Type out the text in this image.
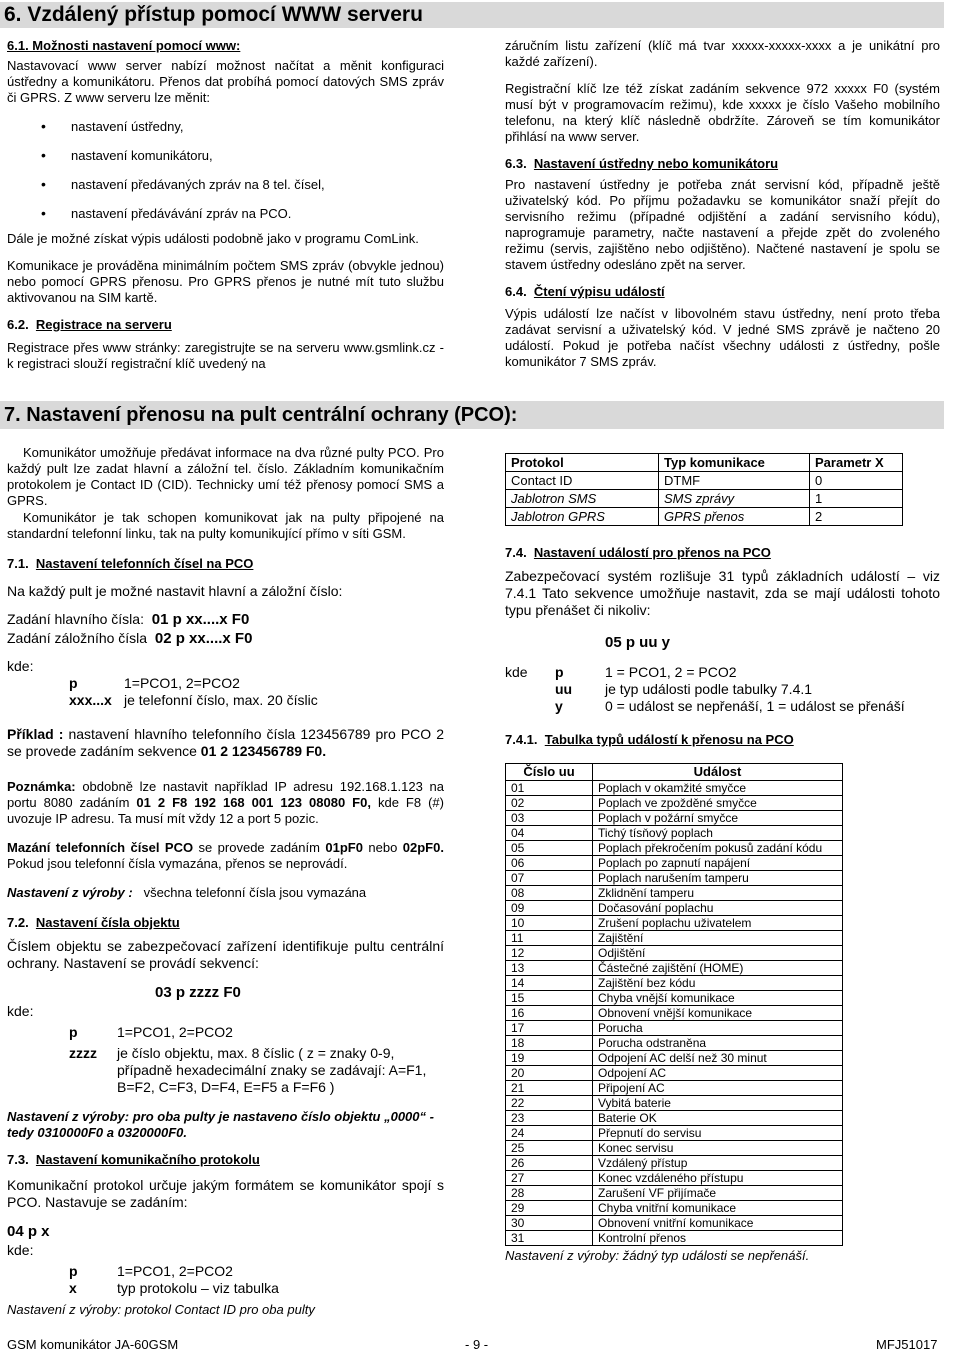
6. Vzdálený přístup pomocí WWW serveru
6.1. Možnosti nastavení pomocí www:

Nastavovací www server nabízí možnost načítat a měnit konfiguraci ústředny a komunikátoru. Přenos dat probíhá pomocí datových SMS zpráv či GPRS. Z www serveru lze měnit:

• nastavení ústředny,
• nastavení komunikátoru,
• nastavení předávaných zpráv na 8 tel. čísel,
• nastavení předávávání zpráv na PCO.

Dále je možné získat výpis události podobně jako v programu ComLink.

Komunikace je prováděna minimálním počtem SMS zpráv (obvykle jednou) nebo pomocí GPRS přenosu. Pro GPRS přenos je nutné mít tuto službu aktivovanou na SIM kartě.

6.2. Registrace na serveru

Registrace přes www stránky: zaregistrujte se na serveru www.gsmlink.cz - k registraci slouží registrační klíč uvedený na

záručním listu zařízení (klíč má tvar xxxxx-xxxxx-xxxx a je unikátní pro každé zařízení).

Registrační klíč lze též získat zadáním sekvence 972 xxxxx F0 (systém musí být v programovacím režimu), kde xxxxx je číslo Vašeho mobilního telefonu, na který klíč následně obdržíte. Zároveň se tím komunikátor přihlásí na www server.

6.3. Nastavení ústředny nebo komunikátoru

Pro nastavení ústředny je potřeba znát servisní kód, případně ještě uživatelský kód. Po příjmu požadavku se komunikátor snaží přejít do servisního režimu (případné odjištění a zadání servisního kódu), naprogramuje parametry, načte nastavení a přejde zpět do zvoleného režimu (servis, zajištěno nebo odjištěno). Načtené nastavení je spolu se stavem ústředny odesláno zpět na server.

6.4. Čtení výpisu událostí

Výpis událostí lze načíst v libovolném stavu ústředny, není proto třeba zadávat servisní a uživatelský kód. V jedné SMS zprávě je načteno 20 událostí. Pokud je potřeba načíst všechny události z ústředny, pošle komunikátor 7 SMS zpráv.

7. Nastavení přenosu na pult centrální ochrany (PCO):

Komunikátor umožňuje předávat informace na dva různé pulty PCO. Pro každý pult lze zadat hlavní a záložní tel. číslo. Základním komunikačním protokolem je Contact ID (CID). Technicky umí též přenosy pomocí SMS a GPRS.

Komunikátor je tak schopen komunikovat jak na pulty připojené na standardní telefonní linku, tak na pulty komunikující přímo v síti GSM.

7.1. Nastavení telefonních čísel na PCO

Na každý pult je možné nastavit hlavní a záložní číslo:

Zadání hlavního čísla: 01 p xx....x F0
Zadání záložního čísla 02 p xx....x F0
kde:
p	1=PCO1, 2=PCO2
xxx...x je telefonní číslo, max. 20 číslic

Příklad : nastavení hlavního telefonního čísla 123456789 pro PCO 2 se provede zadáním sekvence 01 2 123456789 F0.

Poznámka: obdobně lze nastavit například IP adresu 192.168.1.123 na portu 8080 zadáním 01 2 F8 192 168 001 123 08080 F0, kde F8 (#) uvozuje IP adresu. Ta musí mít vždy 12 a port 5 pozic.

Mazání telefonních čísel PCO se provede zadáním 01pF0 nebo 02pF0. Pokud jsou telefonní čísla vymazána, přenos se neprovádí.

Nastavení z výroby : všechna telefonní čísla jsou vymazána

7.2. Nastavení čísla objektu

Číslem objektu se zabezpečovací zařízení identifikuje pultu centrální ochrany. Nastavení se provádí sekvencí:

03 p zzzz F0
kde:
p	1=PCO1, 2=PCO2
zzzz je číslo objektu, max. 8 číslic ( z = znaky 0-9, případně hexadecimální znaky se zadávají: A=F1, B=F2, C=F3, D=F4, E=F5 a F=F6 )

Nastavení z výroby: pro oba pulty je nastaveno číslo objektu „0000“ - tedy 0310000F0 a 0320000F0.

7.3. Nastavení komunikačního protokolu

Komunikační protokol určuje jakým formátem se komunikátor spojí s PCO. Nastavuje se zadáním:

04 p x
kde:
p	1=PCO1, 2=PCO2
x	typ protokolu – viz tabulka

Nastavení z výroby: protokol Contact ID pro oba pulty

Protokol	Typ komunikace	Parametr X
Contact ID	DTMF	0
Jablotron SMS	SMS zprávy	1
Jablotron GPRS	GPRS přenos	2
7.4. Nastavení událostí pro přenos na PCO

Zabezpečovací systém rozlišuje 31 typů základních událostí – viz 7.4.1 Tato sekvence umožňuje nastavit, zda se mají události tohoto typu přenášet či nikoliv:

05 p uu y
kde p	1 = PCO1, 2 = PCO2
uu je typ události podle tabulky 7.4.1
y	0 = událost se nepřenáší, 1 = událost se přenáší
7.4.1. Tabulka typů událostí k přenosu na PCO
Číslo uu	Událost
01	Poplach v okamžité smyčce
02	Poplach ve zpožděné smyčce
03	Poplach v požární smyčce
04	Tichý tísňový poplach
05	Poplach překročením pokusů zadání kódu
06	Poplach po zapnutí napájení
07	Poplach narušením tamperu
08	Zklidnění tamperu
09	Dočasování poplachu
10	Zrušení poplachu uživatelem
11	Zajištění
12	Odjištění
13	Částečné zajištění (HOME)
14	Zajištění bez kódu
15	Chyba vnější komunikace
16	Obnovení vnější komunikace
17	Porucha
18	Porucha odstraněna
19	Odpojení AC delší než 30 minut
20	Odpojení AC
21	Připojení AC
22	Vybitá baterie
23	Baterie OK
24	Přepnutí do servisu
25	Konec servisu
26	Vzdálený přístup
27	Konec vzdáleného přístupu
28	Zarušení VF přijímače
29	Chyba vnitřní komunikace
30	Obnovení vnitřní komunikace
31	Kontrolní přenos

Nastavení z výroby: žádný typ události se nepřenáší.

GSM komunikátor JA-60GSM	- 9 -	MFJ51017
